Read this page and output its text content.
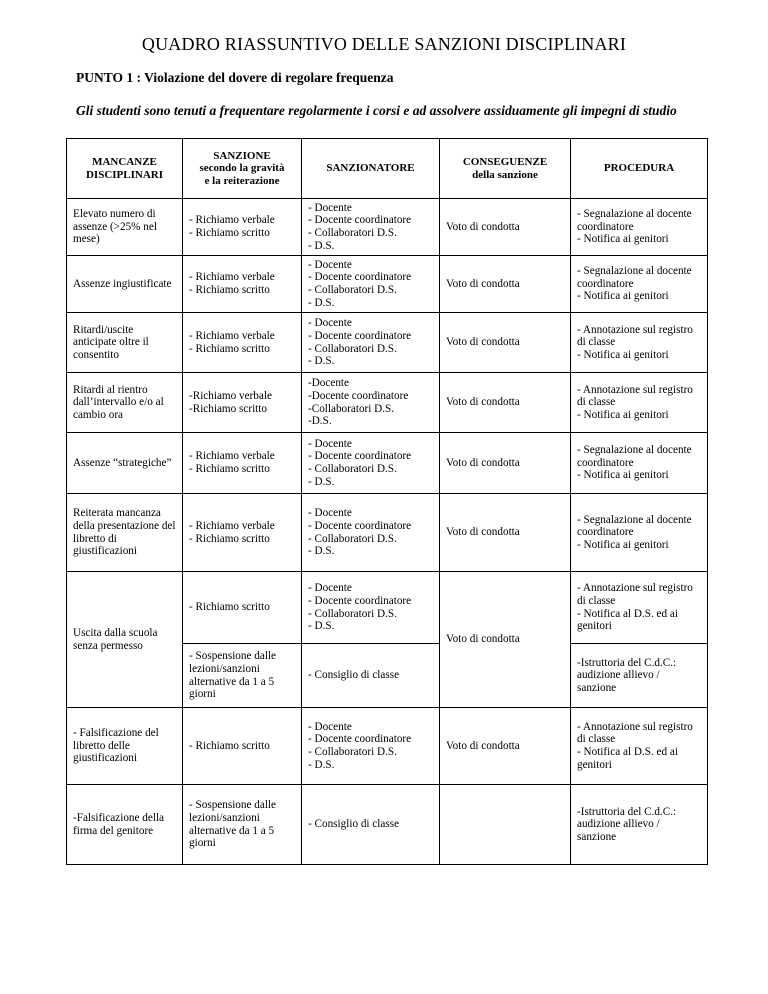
QUADRO RIASSUNTIVO DELLE SANZIONI DISCIPLINARI
PUNTO 1 : Violazione del dovere di regolare frequenza
Gli studenti sono tenuti a frequentare regolarmente i corsi e ad assolvere assiduamente gli impegni di studio
MANCANZE
DISCIPLINARI	SANZIONE
secondo la gravità
e la reiterazione	SANZIONATORE	CONSEGUENZE
della sanzione	PROCEDURA
Elevato numero di assenze (>25% nel mese)	- Richiamo verbale
- Richiamo scritto	- Docente
- Docente coordinatore
- Collaboratori D.S.
- D.S.	Voto di condotta	- Segnalazione al docente coordinatore
- Notifica ai genitori
Assenze ingiustificate	- Richiamo verbale
- Richiamo scritto	- Docente
- Docente coordinatore
- Collaboratori D.S.
- D.S.	Voto di condotta	- Segnalazione al docente coordinatore
- Notifica ai genitori
Ritardi/uscite anticipate oltre il consentito	- Richiamo verbale
- Richiamo scritto	- Docente
- Docente coordinatore
- Collaboratori D.S.
- D.S.	Voto di condotta	- Annotazione sul registro di classe
- Notifica ai genitori
Ritardi al rientro dall’intervallo e/o al cambio ora	-Richiamo verbale
-Richiamo scritto	-Docente
-Docente coordinatore
-Collaboratori D.S.
-D.S.	Voto di condotta	- Annotazione sul registro di classe
- Notifica ai genitori
Assenze “strategiche”	- Richiamo verbale
- Richiamo scritto	- Docente
- Docente coordinatore
- Collaboratori D.S.
- D.S.	Voto di condotta	- Segnalazione al docente coordinatore
- Notifica ai genitori
Reiterata mancanza della presentazione del libretto di giustificazioni	- Richiamo verbale
- Richiamo scritto	- Docente
- Docente coordinatore
- Collaboratori D.S.
- D.S.	Voto di condotta	- Segnalazione al docente coordinatore
- Notifica ai genitori
Uscita dalla scuola senza permesso	- Richiamo scritto	- Docente
- Docente coordinatore
- Collaboratori D.S.
- D.S.	Voto di condotta	- Annotazione sul registro di classe
- Notifica al D.S. ed ai genitori
	- Sospensione dalle lezioni/sanzioni alternative da 1 a 5 giorni	- Consiglio di classe		-Istruttoria del C.d.C.: audizione allievo / sanzione
- Falsificazione del libretto delle giustificazioni	- Richiamo scritto	- Docente
- Docente coordinatore
- Collaboratori D.S.
- D.S.	Voto di condotta	- Annotazione sul registro di classe
- Notifica al D.S. ed ai genitori
-Falsificazione della firma del genitore	- Sospensione dalle lezioni/sanzioni alternative da 1 a 5 giorni	- Consiglio di classe		-Istruttoria del C.d.C.: audizione allievo / sanzione
